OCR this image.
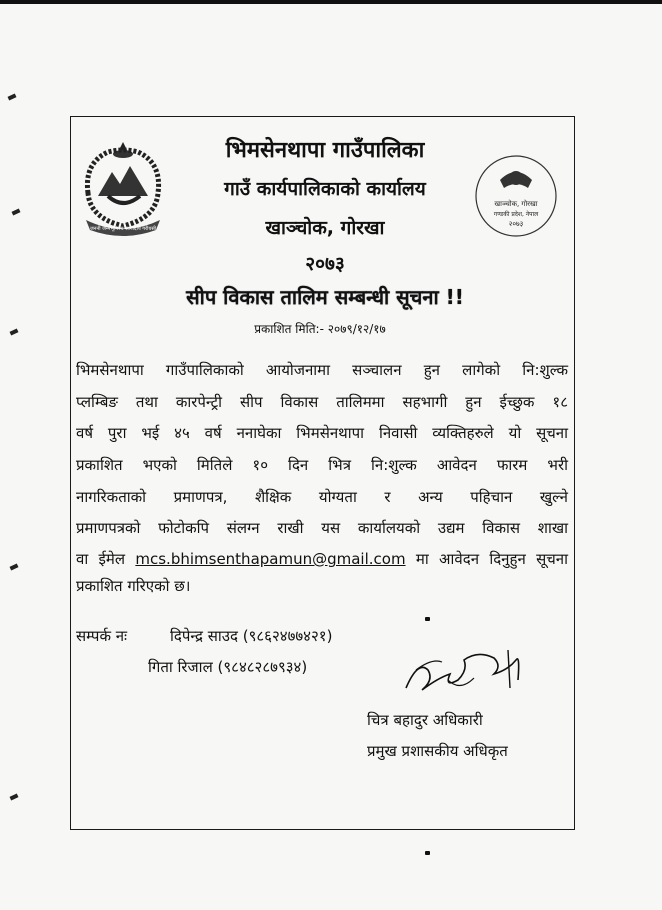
जननी जन्मभूमिश्च स्वर्गादपि गरीयसी
भिमसेनथापा गाउँपालिका
गाउँ कार्यपालिकाको कार्यालय
खाञ्चोक, गोरखा
२०७३
खाञ्चोक, गोरखा
गण्डकी प्रदेश, नेपाल
२०७३
सीप विकास तालिम सम्बन्धी सूचना !!
प्रकाशित मिति:- २०७९/१२/१७
भिमसेनथापा गाउँपालिकाको आयोजनामा सञ्चालन हुन लागेको नि:शुल्क
प्लम्बिङ तथा कारपेन्ट्री सीप विकास तालिममा सहभागी हुन ईच्छुक १८
वर्ष पुरा भई ४५ वर्ष ननाघेका भिमसेनथापा निवासी व्यक्तिहरुले यो सूचना
प्रकाशित भएको मितिले १० दिन भित्र नि:शुल्क आवेदन फारम भरी
नागरिकताको प्रमाणपत्र, शैक्षिक योग्यता र अन्य पहिचान खुल्ने
प्रमाणपत्रको फोटोकपि संलग्न राखी यस कार्यालयको उद्यम विकास शाखा
वा ईमेल mcs.bhimsenthapamun@gmail.com मा आवेदन दिनुहुन सूचना
प्रकाशित गरिएको छ।
सम्पर्क नः	दिपेन्द्र साउद (९८६२४७७४२१)
गिता रिजाल (९८४८२८७९३४)
चित्र बहादुर अधिकारी
प्रमुख प्रशासकीय अधिकृत
